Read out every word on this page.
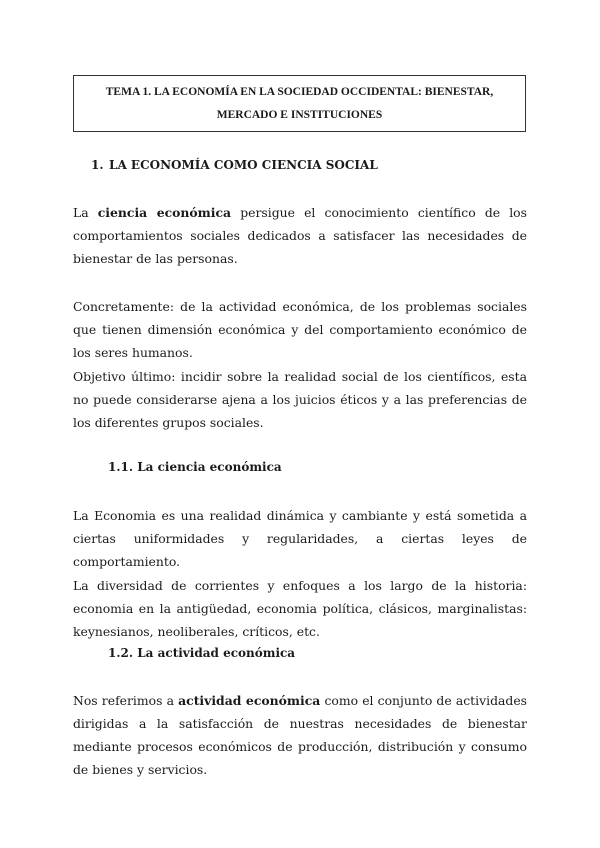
TEMA 1. LA ECONOMÍA EN LA SOCIEDAD OCCIDENTAL: BIENESTAR,
MERCADO E INSTITUCIONES
1. LA ECONOMÍA COMO CIENCIA SOCIAL

La ciencia económica persigue el conocimiento científico de los comportamientos sociales dedicados a satisfacer las necesidades de bienestar de las personas.

Concretamente: de la actividad económica, de los problemas sociales que tienen dimensión económica y del comportamiento económico de los seres humanos.

Objetivo último: incidir sobre la realidad social de los científicos, esta no puede considerarse ajena a los juicios éticos y a las preferencias de los diferentes grupos sociales.

1.1. La ciencia económica

La Economia es una realidad dinámica y cambiante y está sometida a ciertas uniformidades y regularidades, a ciertas leyes de comportamiento.

La diversidad de corrientes y enfoques a los largo de la historia: economia en la antigüedad, economia política, clásicos, marginalistas: keynesianos, neoliberales, críticos, etc.

1.2. La actividad económica

Nos referimos a actividad económica como el conjunto de actividades dirigidas a la satisfacción de nuestras necesidades de bienestar mediante procesos económicos de producción, distribución y consumo de bienes y servicios.
